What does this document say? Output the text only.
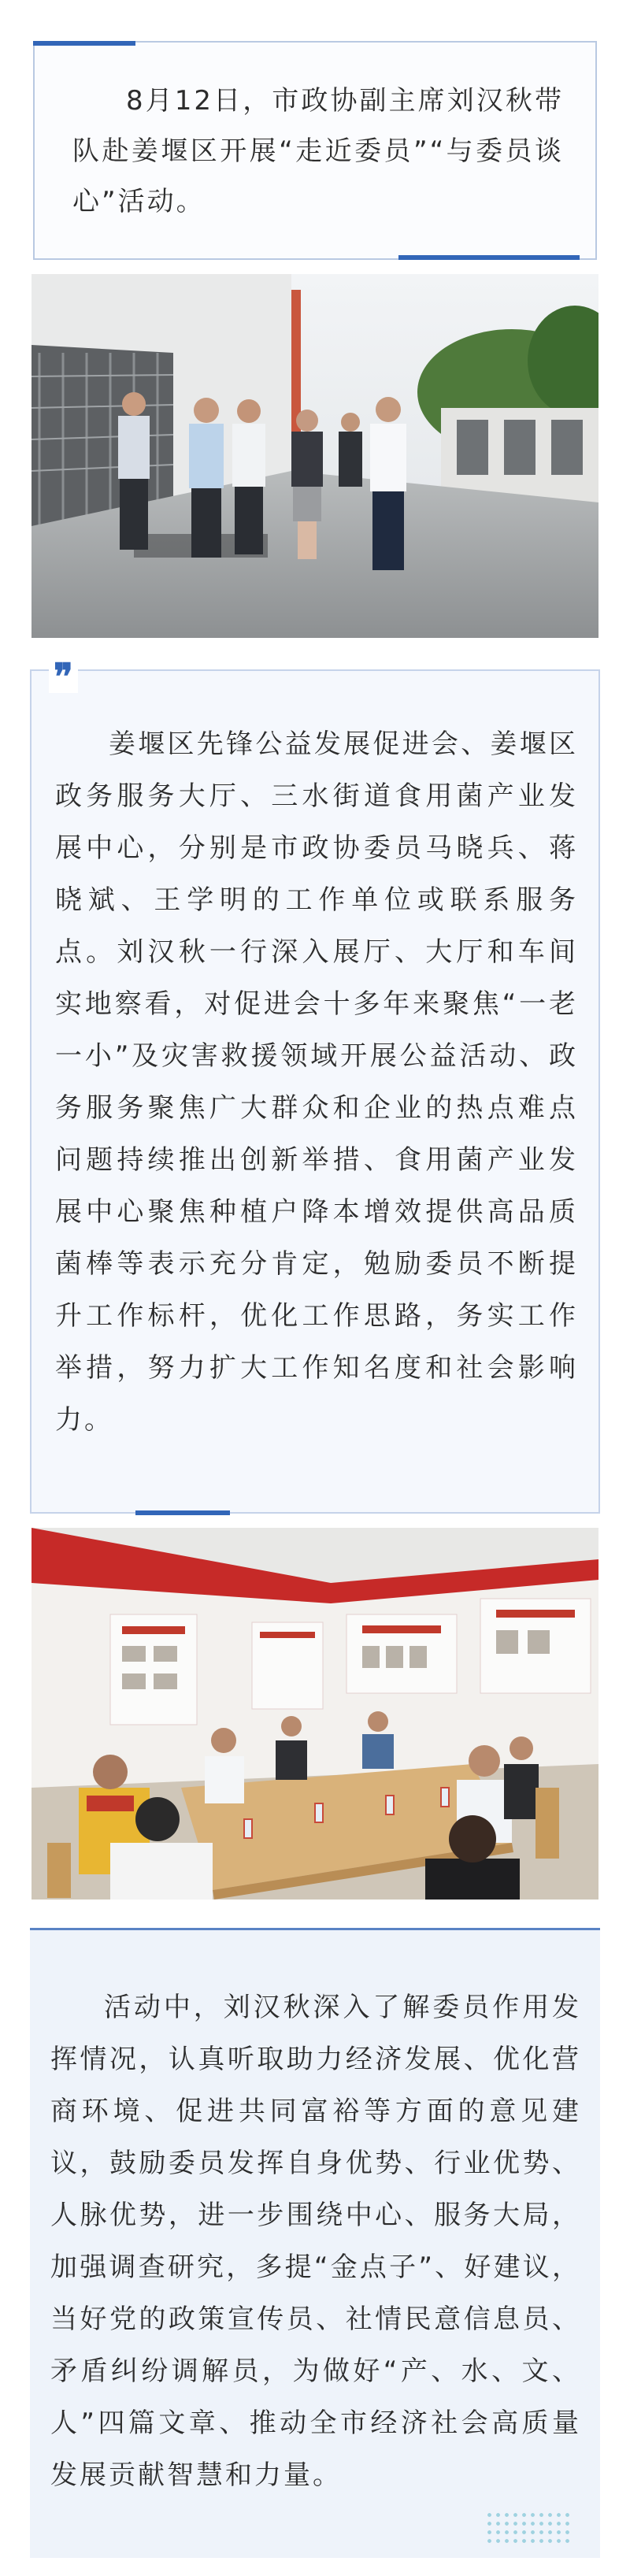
8月12日，市政协副主席刘汉秋带队赴姜堰区开展“走近委员”“与委员谈心”活动。

❞

姜堰区先锋公益发展促进会、姜堰区政务服务大厅、三水街道食用菌产业发展中心，分别是市政协委员马晓兵、蒋晓斌、王学明的工作单位或联系服务点。刘汉秋一行深入展厅、大厅和车间实地察看，对促进会十多年来聚焦“一老一小”及灾害救援领域开展公益活动、政务服务聚焦广大群众和企业的热点难点问题持续推出创新举措、食用菌产业发展中心聚焦种植户降本增效提供高品质菌棒等表示充分肯定，勉励委员不断提升工作标杆，优化工作思路，务实工作举措，努力扩大工作知名度和社会影响力。

活动中，刘汉秋深入了解委员作用发挥情况，认真听取助力经济发展、优化营商环境、促进共同富裕等方面的意见建议，鼓励委员发挥自身优势、行业优势、人脉优势，进一步围绕中心、服务大局，加强调查研究，多提“金点子”、好建议，当好党的政策宣传员、社情民意信息员、矛盾纠纷调解员，为做好“产、水、文、人”四篇文章、推动全市经济社会高质量发展贡献智慧和力量。
